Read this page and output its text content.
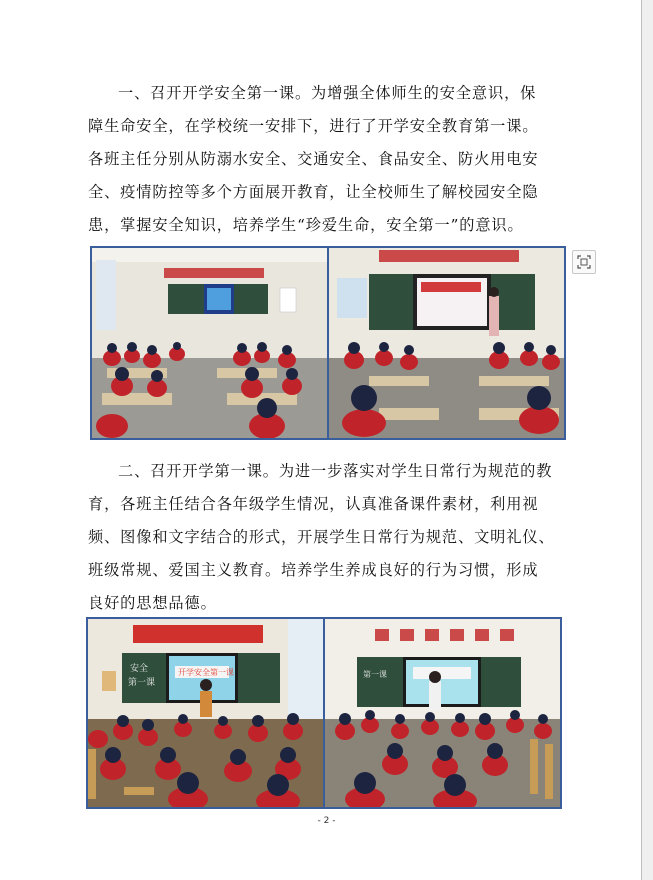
一、召开开学安全第一课。为增强全体师生的安全意识，保
障生命安全，在学校统一安排下，进行了开学安全教育第一课。
各班主任分别从防溺水安全、交通安全、食品安全、防火用电安
全、疫情防控等多个方面展开教育，让全校师生了解校园安全隐
患，掌握安全知识，培养学生“珍爱生命，安全第一”的意识。
二、召开开学第一课。为进一步落实对学生日常行为规范的教
育，各班主任结合各年级学生情况，认真准备课件素材，利用视
频、图像和文字结合的形式，开展学生日常行为规范、文明礼仪、
班级常规、爱国主义教育。培养学生养成良好的行为习惯，形成
良好的思想品德。
安全
第一课
开学安全第一课	第一课
- 2 -
